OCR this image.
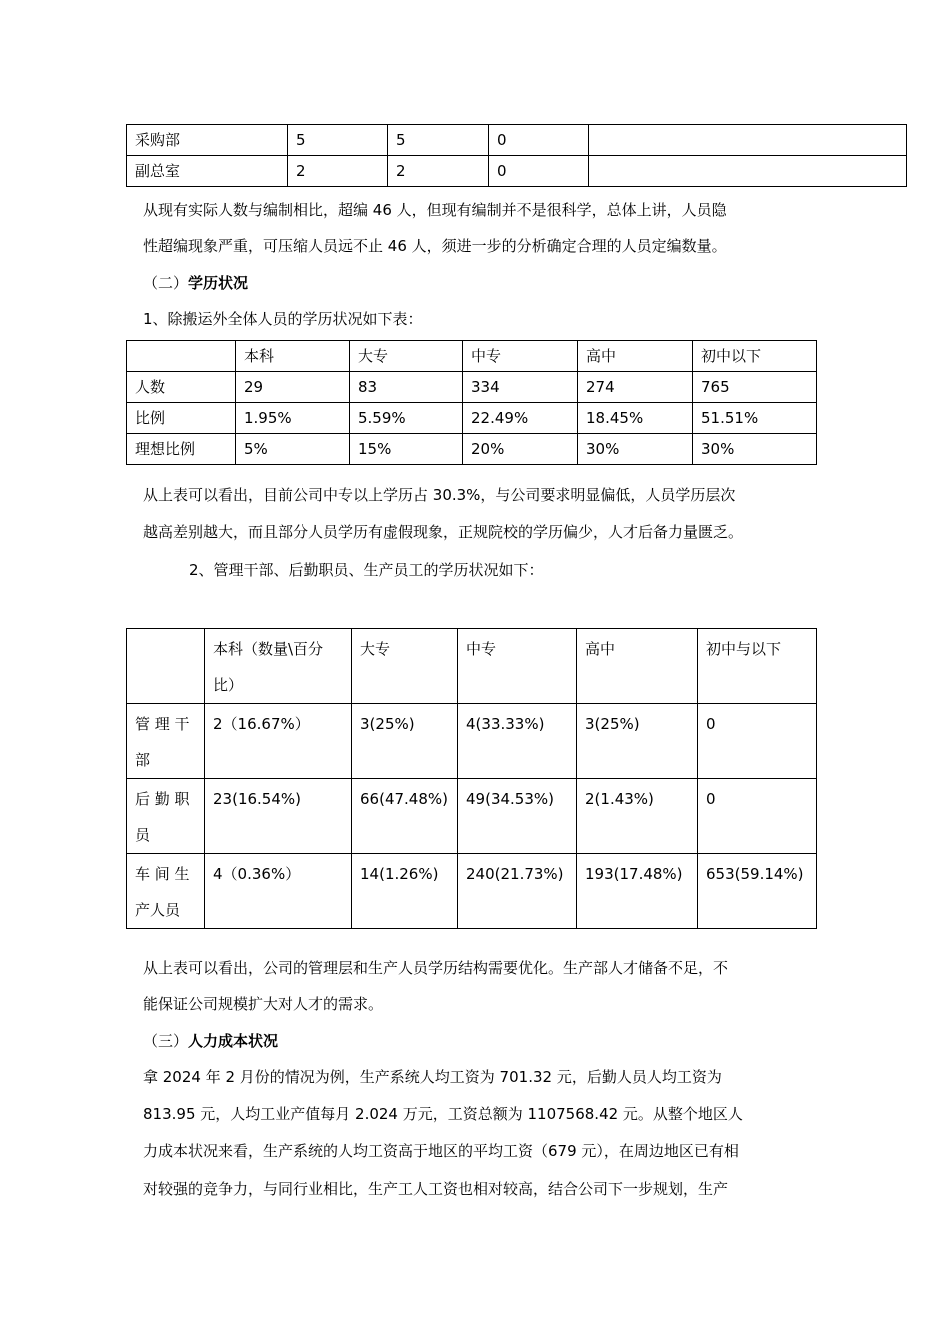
采购部	5	5	0	
副总室	2	2	0	

从现有实际人数与编制相比，超编 46 人，但现有编制并不是很科学，总体上讲，人员隐

性超编现象严重，可压缩人员远不止 46 人，须进一步的分析确定合理的人员定编数量。

（二）学历状况

1、除搬运外全体人员的学历状况如下表：

	本科	大专	中专	高中	初中以下
人数	29	83	334	274	765
比例	1.95%	5.59%	22.49%	18.45%	51.51%
理想比例	5%	15%	20%	30%	30%

从上表可以看出，目前公司中专以上学历占 30.3%，与公司要求明显偏低，人员学历层次

越高差别越大，而且部分人员学历有虚假现象，正规院校的学历偏少，人才后备力量匮乏。

2、管理干部、后勤职员、生产员工的学历状况如下：

	本科（数量\百分比）	大专	中专	高中	初中与以下
管 理 干部	2（16.67%）	3(25%)	4(33.33%)	3(25%)	0
后 勤 职员	23(16.54%)	66(47.48%)	49(34.53%)	2(1.43%)	0
车 间 生产人员	4（0.36%）	14(1.26%)	240(21.73%)	193(17.48%)	653(59.14%)

从上表可以看出，公司的管理层和生产人员学历结构需要优化。生产部人才储备不足，不

能保证公司规模扩大对人才的需求。

（三）人力成本状况

拿 2024 年 2 月份的情况为例，生产系统人均工资为 701.32 元，后勤人员人均工资为

813.95 元，人均工业产值每月 2.024 万元，工资总额为 1107568.42 元。从整个地区人

力成本状况来看，生产系统的人均工资高于地区的平均工资（679 元），在周边地区已有相

对较强的竞争力，与同行业相比，生产工人工资也相对较高，结合公司下一步规划，生产
